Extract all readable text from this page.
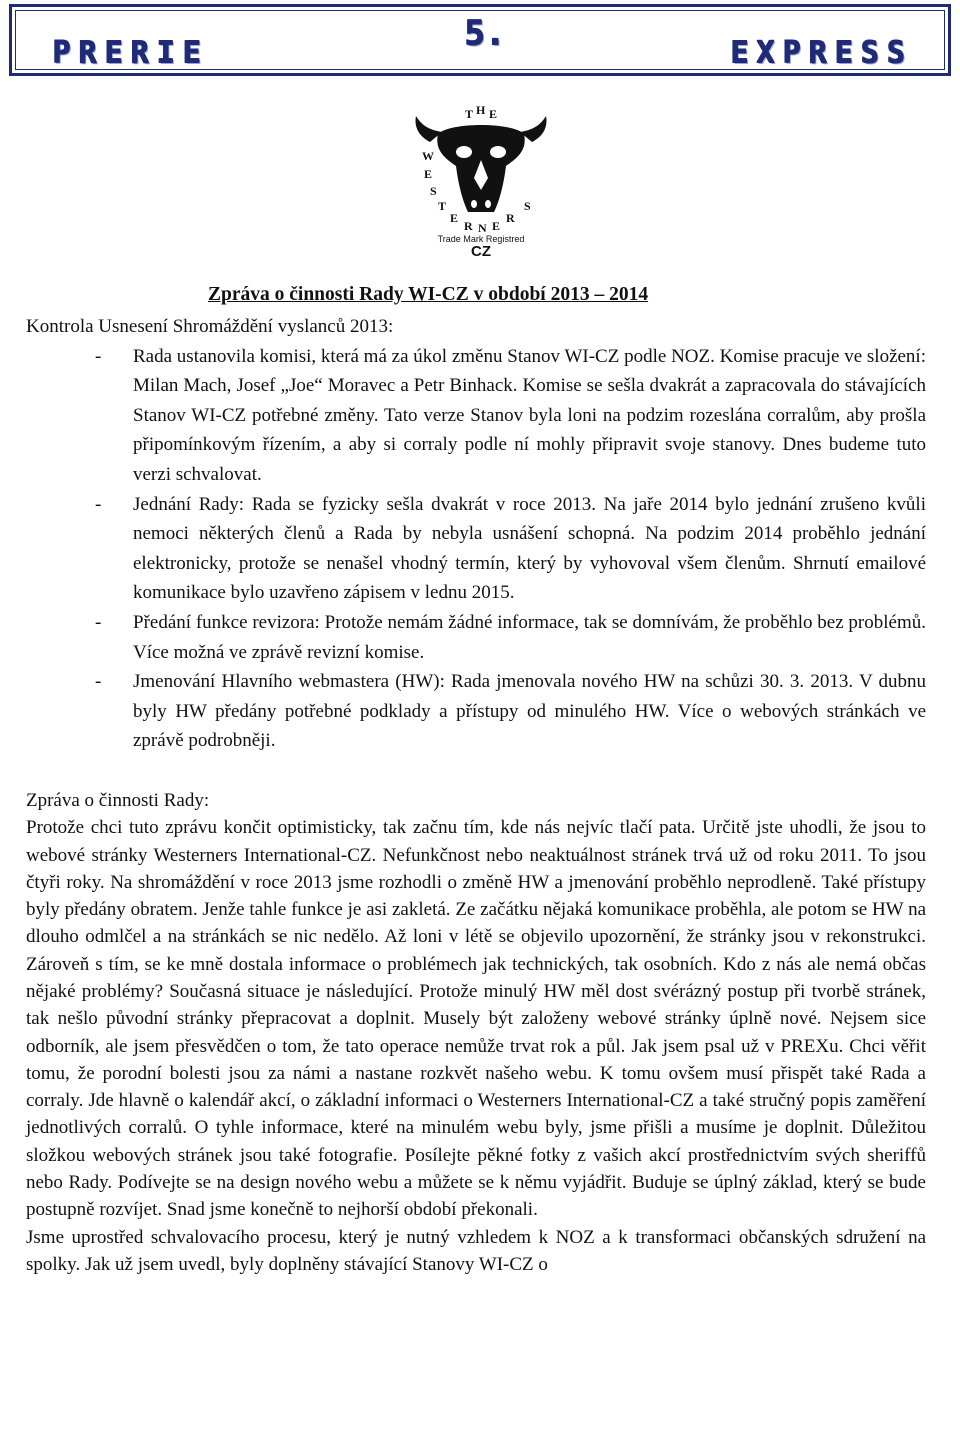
PRERIE	5.	EXPRESS
T H E
W
E
S
T
E
R N E
R
S
Trade Mark Registred
CZ
Zpráva o činnosti Rady WI-CZ v období 2013 – 2014

Kontrola Usnesení Shromáždění vyslanců 2013:

- Rada ustanovila komisi, která má za úkol změnu Stanov WI-CZ podle NOZ. Komise pracuje ve složení: Milan Mach, Josef „Joe“ Moravec a Petr Binhack. Komise se sešla dvakrát a zapracovala do stávajících Stanov WI-CZ potřebné změny. Tato verze Stanov byla loni na podzim rozeslána corralům, aby prošla připomínkovým řízením, a aby si corraly podle ní mohly připravit svoje stanovy. Dnes budeme tuto verzi schvalovat.

- Jednání Rady: Rada se fyzicky sešla dvakrát v roce 2013. Na jaře 2014 bylo jednání zrušeno kvůli nemoci některých členů a Rada by nebyla usnášení schopná. Na podzim 2014 proběhlo jednání elektronicky, protože se nenašel vhodný termín, který by vyhovoval všem členům. Shrnutí emailové komunikace bylo uzavřeno zápisem v lednu 2015.

- Předání funkce revizora: Protože nemám žádné informace, tak se domnívám, že proběhlo bez problémů. Více možná ve zprávě revizní komise.

- Jmenování Hlavního webmastera (HW): Rada jmenovala nového HW na schůzi 30. 3. 2013. V dubnu byly HW předány potřebné podklady a přístupy od minulého HW. Více o webových stránkách ve zprávě podrobněji.

Zpráva o činnosti Rady:

Protože chci tuto zprávu končit optimisticky, tak začnu tím, kde nás nejvíc tlačí pata. Určitě jste uhodli, že jsou to webové stránky Westerners International-CZ. Nefunkčnost nebo neaktuálnost stránek trvá už od roku 2011. To jsou čtyři roky. Na shromáždění v roce 2013 jsme rozhodli o změně HW a jmenování proběhlo neprodleně. Také přístupy byly předány obratem. Jenže tahle funkce je asi zakletá. Ze začátku nějaká komunikace proběhla, ale potom se HW na dlouho odmlčel a na stránkách se nic nedělo. Až loni v létě se objevilo upozornění, že stránky jsou v rekonstrukci. Zároveň s tím, se ke mně dostala informace o problémech jak technických, tak osobních. Kdo z nás ale nemá občas nějaké problémy? Současná situace je následující. Protože minulý HW měl dost svérázný postup při tvorbě stránek, tak nešlo původní stránky přepracovat a doplnit. Musely být založeny webové stránky úplně nové. Nejsem sice odborník, ale jsem přesvědčen o tom, že tato operace nemůže trvat rok a půl. Jak jsem psal už v PREXu. Chci věřit tomu, že porodní bolesti jsou za námi a nastane rozkvět našeho webu. K tomu ovšem musí přispět také Rada a corraly. Jde hlavně o kalendář akcí, o základní informaci o Westerners International-CZ a také stručný popis zaměření jednotlivých corralů. O tyhle informace, které na minulém webu byly, jsme přišli a musíme je doplnit. Důležitou složkou webových stránek jsou také fotografie. Posílejte pěkné fotky z vašich akcí prostřednictvím svých sheriffů nebo Rady. Podívejte se na design nového webu a můžete se k němu vyjádřit. Buduje se úplný základ, který se bude postupně rozvíjet. Snad jsme konečně to nejhorší období překonali.

Jsme uprostřed schvalovacího procesu, který je nutný vzhledem k NOZ a k transformaci občanských sdružení na spolky. Jak už jsem uvedl, byly doplněny stávající Stanovy WI-CZ o
